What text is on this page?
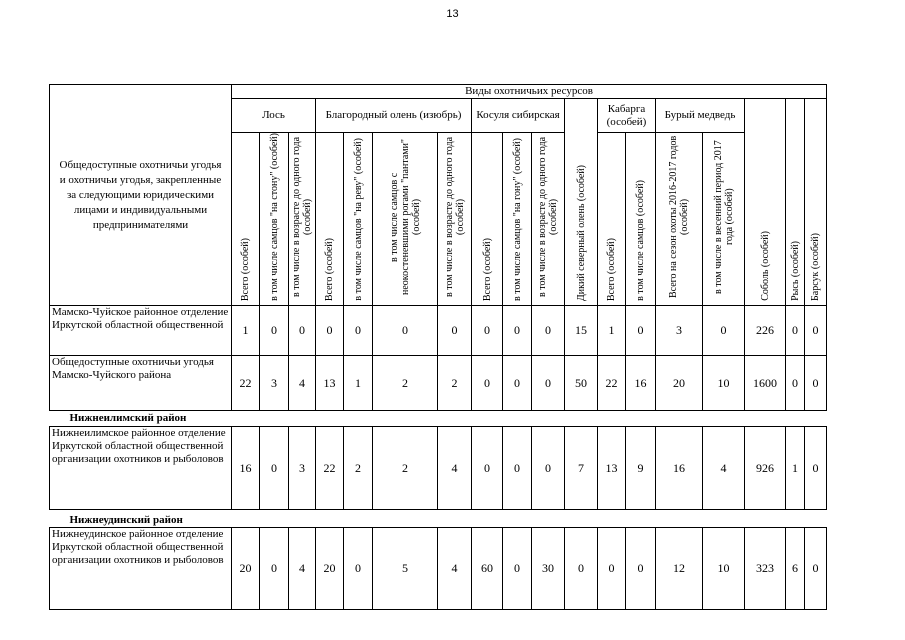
13
Общедоступные охотничьи угодья и охотничьи угодья, закрепленные за следующими юридическими лицами и индивидуальными предпринимателями	Виды охотничьих ресурсов																	
	Лось			Благородный олень (изюбрь)				Косуля сибирская			Дикий северный олень (особей)	Кабарга (особей)		Бурый медведь		Соболь (особей)	Рысь (особей)	Барсук (особей)
	Всего (особей)	в том числе самцов "на стону" (особей)	в том числе в возрасте до одного года (особей)	Всего (особей)	в том числе самцов "на реву" (особей)	в том числе самцов с неокостеневшими рогами "пантами" (особей)	в том числе в возрасте до одного года (особей)	Всего (особей)	в том числе самцов "на гону" (особей)	в том числе в возрасте до одного года (особей)		Всего (особей)	в том числе самцов (особей)	Всего на сезон охоты 2016-2017 годов (особей)	в том числе в весенний период 2017 года (особей)			
Мамско-Чуйское районное отделение Иркутской областной общественной	1	0	0	0	0	0	0	0	0	0	15	1	0	3	0	226	0	0
Общедоступные охотничьи угодья Мамско-Чуйского района	22	3	4	13	1	2	2	0	0	0	50	22	16	20	10	1600	0	0
Нижнеилимский район																		
Нижнеилимское районное отделение Иркутской областной общественной организации охотников и рыболовов	16	0	3	22	2	2	4	0	0	0	7	13	9	16	4	926	1	0
Нижнеудинский район																		
Нижнеудинское районное отделение Иркутской областной общественной организации охотников и рыболовов	20	0	4	20	0	5	4	60	0	30	0	0	0	12	10	323	6	0
